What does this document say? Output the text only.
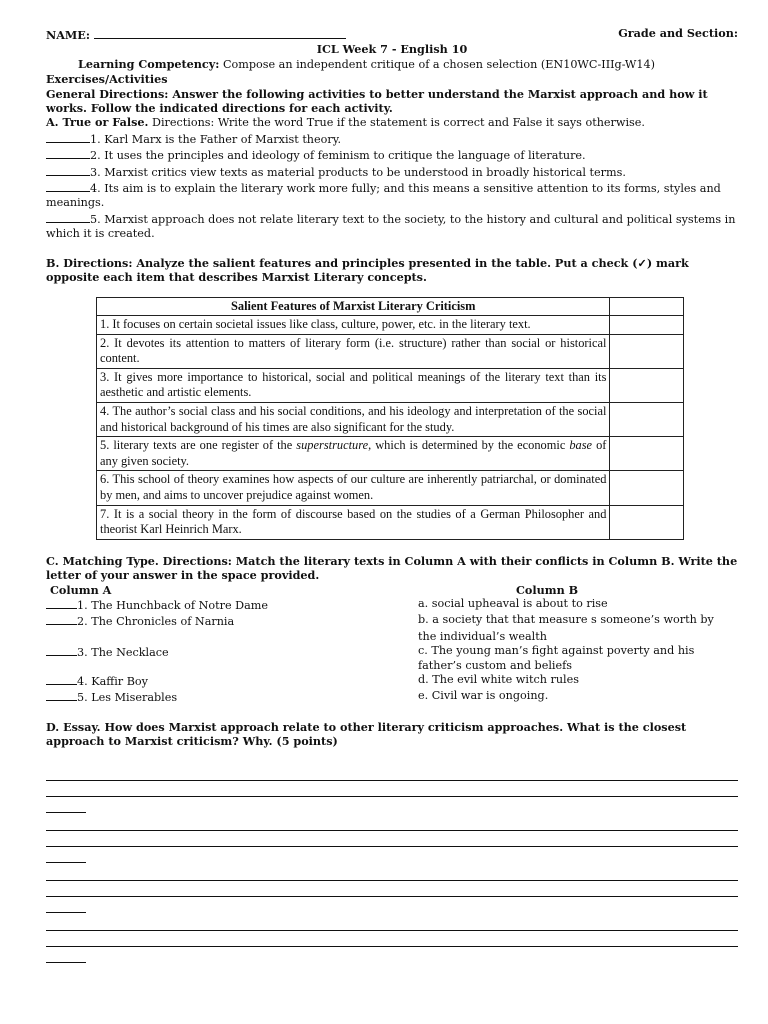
NAME:	Grade and Section:
ICL Week 7 - English 10
Learning Competency: Compose an independent critique of a chosen selection (EN10WC-IIIg-W14)
Exercises/Activities
General Directions: Answer the following activities to better understand the Marxist approach and how it works. Follow the indicated directions for each activity.
A. True or False. Directions: Write the word True if the statement is correct and False it says otherwise.
1. Karl Marx is the Father of Marxist theory.
2. It uses the principles and ideology of feminism to critique the language of literature.
3. Marxist critics view texts as material products to be understood in broadly historical terms.
4. Its aim is to explain the literary work more fully; and this means a sensitive attention to its forms, styles and meanings.
5. Marxist approach does not relate literary text to the society, to the history and cultural and political systems in which it is created.
B. Directions: Analyze the salient features and principles presented in the table. Put a check (✓) mark opposite each item that describes Marxist Literary concepts.
Salient Features of Marxist Literary Criticism	
1. It focuses on certain societal issues like class, culture, power, etc. in the literary text.	
2. It devotes its attention to matters of literary form (i.e. structure) rather than social or historical content.	
3. It gives more importance to historical, social and political meanings of the literary text than its aesthetic and artistic elements.	
4. The author’s social class and his social conditions, and his ideology and interpretation of the social and historical background of his times are also significant for the study.	
5. literary texts are one register of the superstructure, which is determined by the economic base of any given society.	
6. This school of theory examines how aspects of our culture are inherently patriarchal, or dominated by men, and aims to uncover prejudice against women.	
7. It is a social theory in the form of discourse based on the studies of a German Philosopher and theorist Karl Heinrich Marx.	
C. Matching Type. Directions: Match the literary texts in Column A with their conflicts in Column B. Write the letter of your answer in the space provided.
Column A	Column B
1. The Hunchback of Notre Dame	a. social upheaval is about to rise
2. The Chronicles of Narnia	b. a society that that measure s someone’s worth by

the individual’s wealth
3. The Necklace	c. The young man’s fight against poverty and his father’s custom and beliefs
4. Kaffir Boy	d. The evil white witch rules
5. Les Miserables	e. Civil war is ongoing.
D. Essay. How does Marxist approach relate to other literary criticism approaches. What is the closest approach to Marxist criticism? Why. (5 points)
